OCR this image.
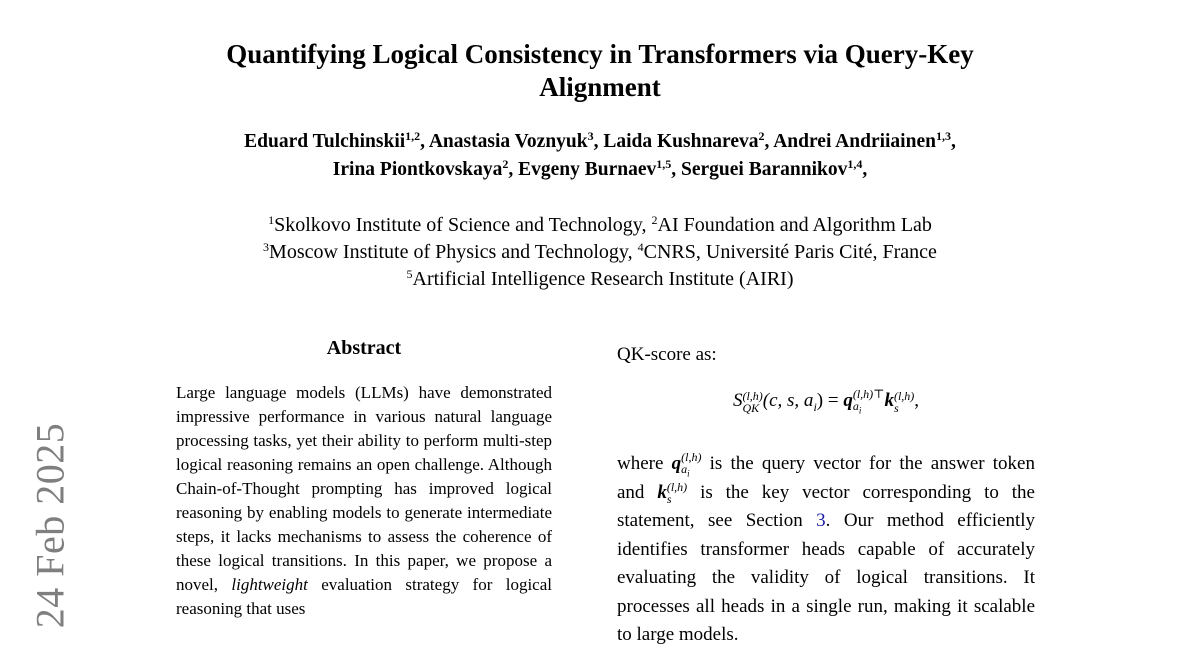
24 Feb 2025
Quantifying Logical Consistency in Transformers via Query-Key
Alignment
Eduard Tulchinskii$^{1,2}$, Anastasia Voznyuk$^3$, Laida Kushnareva$^2$, Andrei Andriiainen$^{1,3}$,
Irina Piontkovskaya$^2$, Evgeny Burnaev$^{1,5}$, Serguei Barannikov$^{1,4}$,
$^1$Skolkovo Institute of Science and Technology, $^2$AI Foundation and Algorithm Lab
$^3$Moscow Institute of Physics and Technology, $^4$CNRS, Université Paris Cité, France
$^5$Artificial Intelligence Research Institute (AIRI)
Abstract
Large language models (LLMs) have demonstrated impressive performance in various natural language processing tasks, yet their ability to perform multi-step logical reasoning remains an open challenge. Although Chain-of-Thought prompting has improved logical reasoning by enabling models to generate intermediate steps, it lacks mechanisms to assess the coherence of these logical transitions. In this paper, we propose a novel, lightweight evaluation strategy for logical reasoning that uses
QK-score as:
S (l,h)
QK (c, s, $a_i) = q$ (l,h)⊤
$a_i$	k (l,h)
s ,
where q (l,h)
$a_i$ is the query vector for the answer token and k (l,h)
s is the key vector corresponding to the statement, see Section 3. Our method efficiently identifies transformer heads capable of accurately evaluating the validity of logical transitions. It processes all heads in a single run, making it scalable to large models.
